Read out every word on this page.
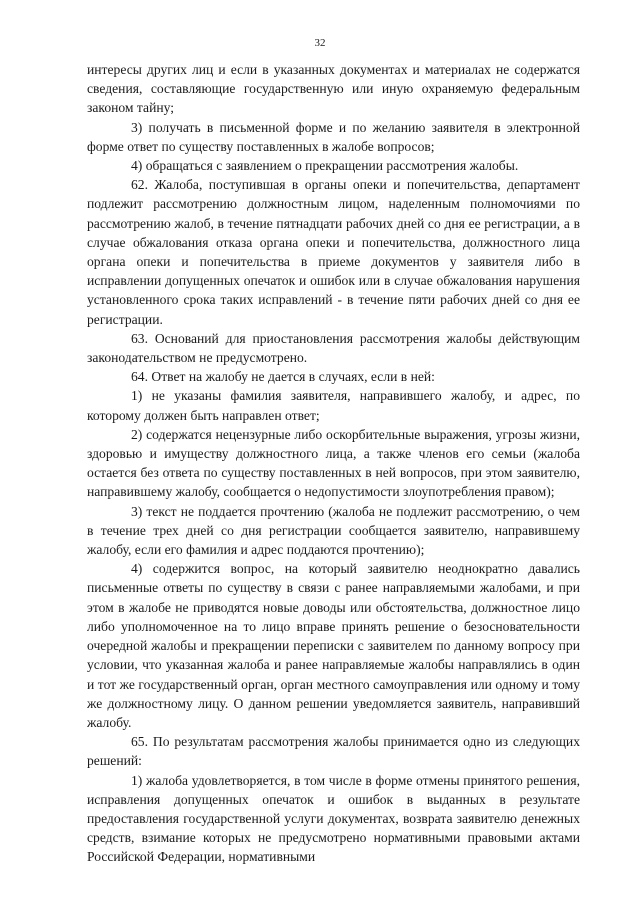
32

интересы других лиц и если в указанных документах и материалах не содержатся сведения, составляющие государственную или иную охраняемую федеральным законом тайну;

3) получать в письменной форме и по желанию заявителя в электронной форме ответ по существу поставленных в жалобе вопросов;

4) обращаться с заявлением о прекращении рассмотрения жалобы.

62. Жалоба, поступившая в органы опеки и попечительства, департамент подлежит рассмотрению должностным лицом, наделенным полномочиями по рассмотрению жалоб, в течение пятнадцати рабочих дней со дня ее регистрации, а в случае обжалования отказа органа опеки и попечительства, должностного лица органа опеки и попечительства в приеме документов у заявителя либо в исправлении допущенных опечаток и ошибок или в случае обжалования нарушения установленного срока таких исправлений - в течение пяти рабочих дней со дня ее регистрации.

63. Оснований для приостановления рассмотрения жалобы действующим законодательством не предусмотрено.

64. Ответ на жалобу не дается в случаях, если в ней:

1) не указаны фамилия заявителя, направившего жалобу, и адрес, по которому должен быть направлен ответ;

2) содержатся нецензурные либо оскорбительные выражения, угрозы жизни, здоровью и имуществу должностного лица, а также членов его семьи (жалоба остается без ответа по существу поставленных в ней вопросов, при этом заявителю, направившему жалобу, сообщается о недопустимости злоупотребления правом);

3) текст не поддается прочтению (жалоба не подлежит рассмотрению, о чем в течение трех дней со дня регистрации сообщается заявителю, направившему жалобу, если его фамилия и адрес поддаются прочтению);

4) содержится вопрос, на который заявителю неоднократно давались письменные ответы по существу в связи с ранее направляемыми жалобами, и при этом в жалобе не приводятся новые доводы или обстоятельства, должностное лицо либо уполномоченное на то лицо вправе принять решение о безосновательности очередной жалобы и прекращении переписки с заявителем по данному вопросу при условии, что указанная жалоба и ранее направляемые жалобы направлялись в один и тот же государственный орган, орган местного самоуправления или одному и тому же должностному лицу. О данном решении уведомляется заявитель, направивший жалобу.

65. По результатам рассмотрения жалобы принимается одно из следующих решений:

1) жалоба удовлетворяется, в том числе в форме отмены принятого решения, исправления допущенных опечаток и ошибок в выданных в результате предоставления государственной услуги документах, возврата заявителю денежных средств, взимание которых не предусмотрено нормативными правовыми актами Российской Федерации, нормативными
